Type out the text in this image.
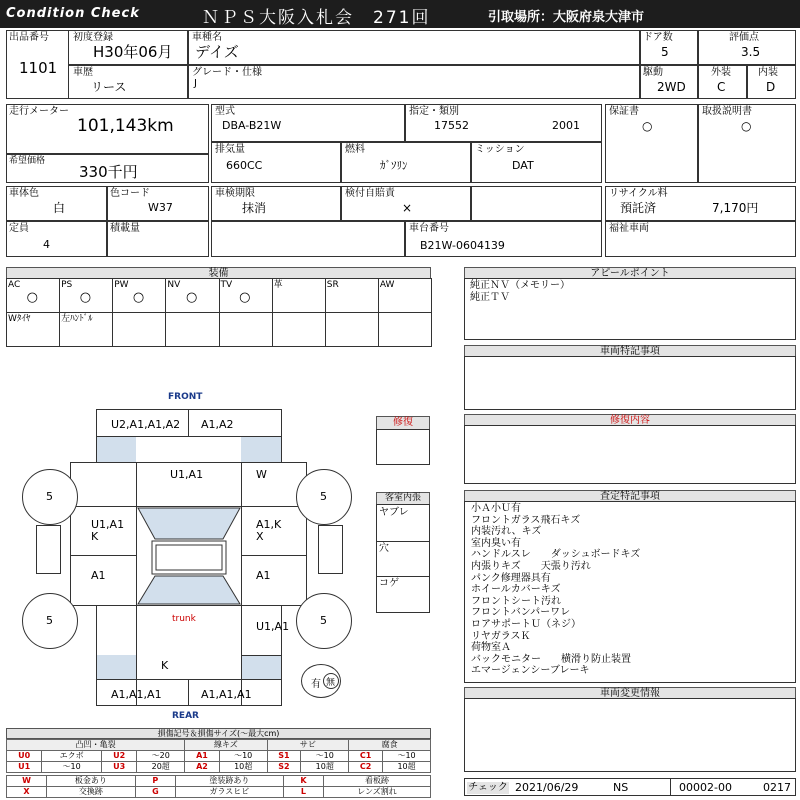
Condition Check	ＮＰＳ大阪入札会　271回	引取場所：大阪府泉大津市
出品番号
1101
初度登録
H30年06月
車種名
デイズ
ドア数
5
評価点
3.5
車歴
リース
グレード・仕様
J
駆動
2WD
外装
C
内装
D
走行メーター
101,143km
希望価格
330千円
型式
DBA-B21W
指定・類別
17552	2001
排気量
660CC
燃料
ｶﾞｿﾘﾝ
ミッション
DAT
保証書
○
取扱説明書
○
車体色
白
色コード
W37
車検期限
抹消
検付自賠責
×
リサイクル料
預託済	7,170円
定員
4
積載量	車台番号
B21W-0604139
福祉車両
装備
AC
○
PS
○
PW
○
NV
○
TV
○
革	SR	AW
Wﾀｲﾔ	左ﾊﾝﾄﾞﾙ
アピールポイント
純正ＮＶ（メモリー）
純正ＴＶ
車両特記事項
修復内容
査定特記事項
小Ａ小Ｕ有
フロントガラス飛石キズ
内装汚れ、キズ
室内臭い有
ハンドルスレ　　ダッシュボードキズ
内張りキズ　　天張り汚れ
パンク修理器具有
ホイールカバーキズ
フロントシート汚れ
フロントバンパーワレ
ロアサポートＵ（ネジ）
リヤガラスＫ
荷物室Ａ
バックモニター　　横滑り防止装置
エマージェンシーブレーキ
車両変更情報
チェック 2021/06/29	NS	00002-00	0217
修復
客室内張
ヤブレ
穴
コゲ
FRONT
REAR
5	5
5	5
有 無
U2,A1,A1,A2 A1,A2
U1,A1	W
U1,A1
K
A1,K
X
A1	A1
trunk
U1,A1
K
A1,A1,A1	A1,A1,A1
損傷記号＆損傷サイズ(〜最大cm)
凸凹・亀裂				線キズ		サビ		腐食	
U0	エクボ	U2	〜20	A1	〜10	S1	〜10	C1	〜10
U1	〜10	U3	20超	A2	10超	S2	10超	C2	10超
W	板金あり	P	塗装跡あり	K	看板跡
X	交換跡	G	ガラスヒビ	L	レンズ割れ
